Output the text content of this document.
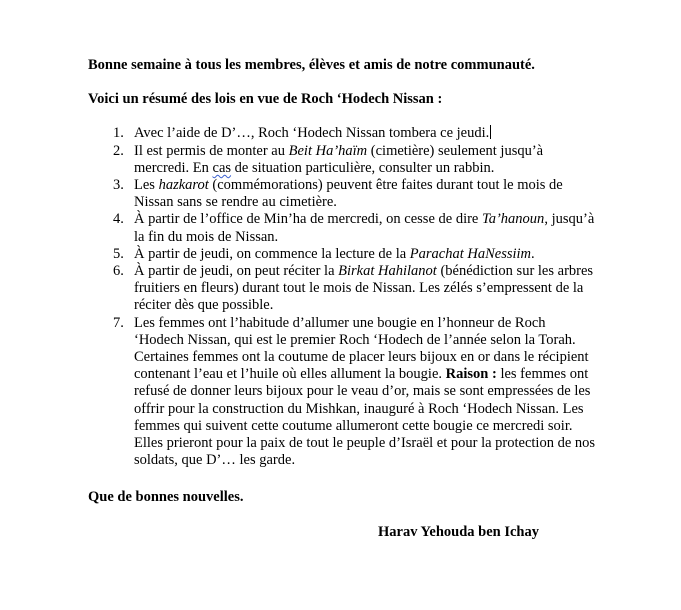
Bonne semaine à tous les membres, élèves et amis de notre communauté.

Voici un résumé des lois en vue de Roch ‘Hodech Nissan :

1. Avec l’aide de D’…, Roch ‘Hodech Nissan tombera ce jeudi.
2. Il est permis de monter au Beit Ha’haïm (cimetière) seulement jusqu’à mercredi. En cas de situation particulière, consulter un rabbin.
3. Les hazkarot (commémorations) peuvent être faites durant tout le mois de Nissan sans se rendre au cimetière.
4. À partir de l’office de Min’ha de mercredi, on cesse de dire Ta’hanoun, jusqu’à la fin du mois de Nissan.
5. À partir de jeudi, on commence la lecture de la Parachat HaNessiim.
6. À partir de jeudi, on peut réciter la Birkat Hahilanot (bénédiction sur les arbres fruitiers en fleurs) durant tout le mois de Nissan. Les zélés s’empressent de la réciter dès que possible.
7. Les femmes ont l’habitude d’allumer une bougie en l’honneur de Roch ‘Hodech Nissan, qui est le premier Roch ‘Hodech de l’année selon la Torah. Certaines femmes ont la coutume de placer leurs bijoux en or dans le récipient contenant l’eau et l’huile où elles allument la bougie. Raison : les femmes ont refusé de donner leurs bijoux pour le veau d’or, mais se sont empressées de les offrir pour la construction du Mishkan, inauguré à Roch ‘Hodech Nissan. Les femmes qui suivent cette coutume allumeront cette bougie ce mercredi soir. Elles prieront pour la paix de tout le peuple d’Israël et pour la protection de nos soldats, que D’… les garde.

Que de bonnes nouvelles.

Harav Yehouda ben Ichay
